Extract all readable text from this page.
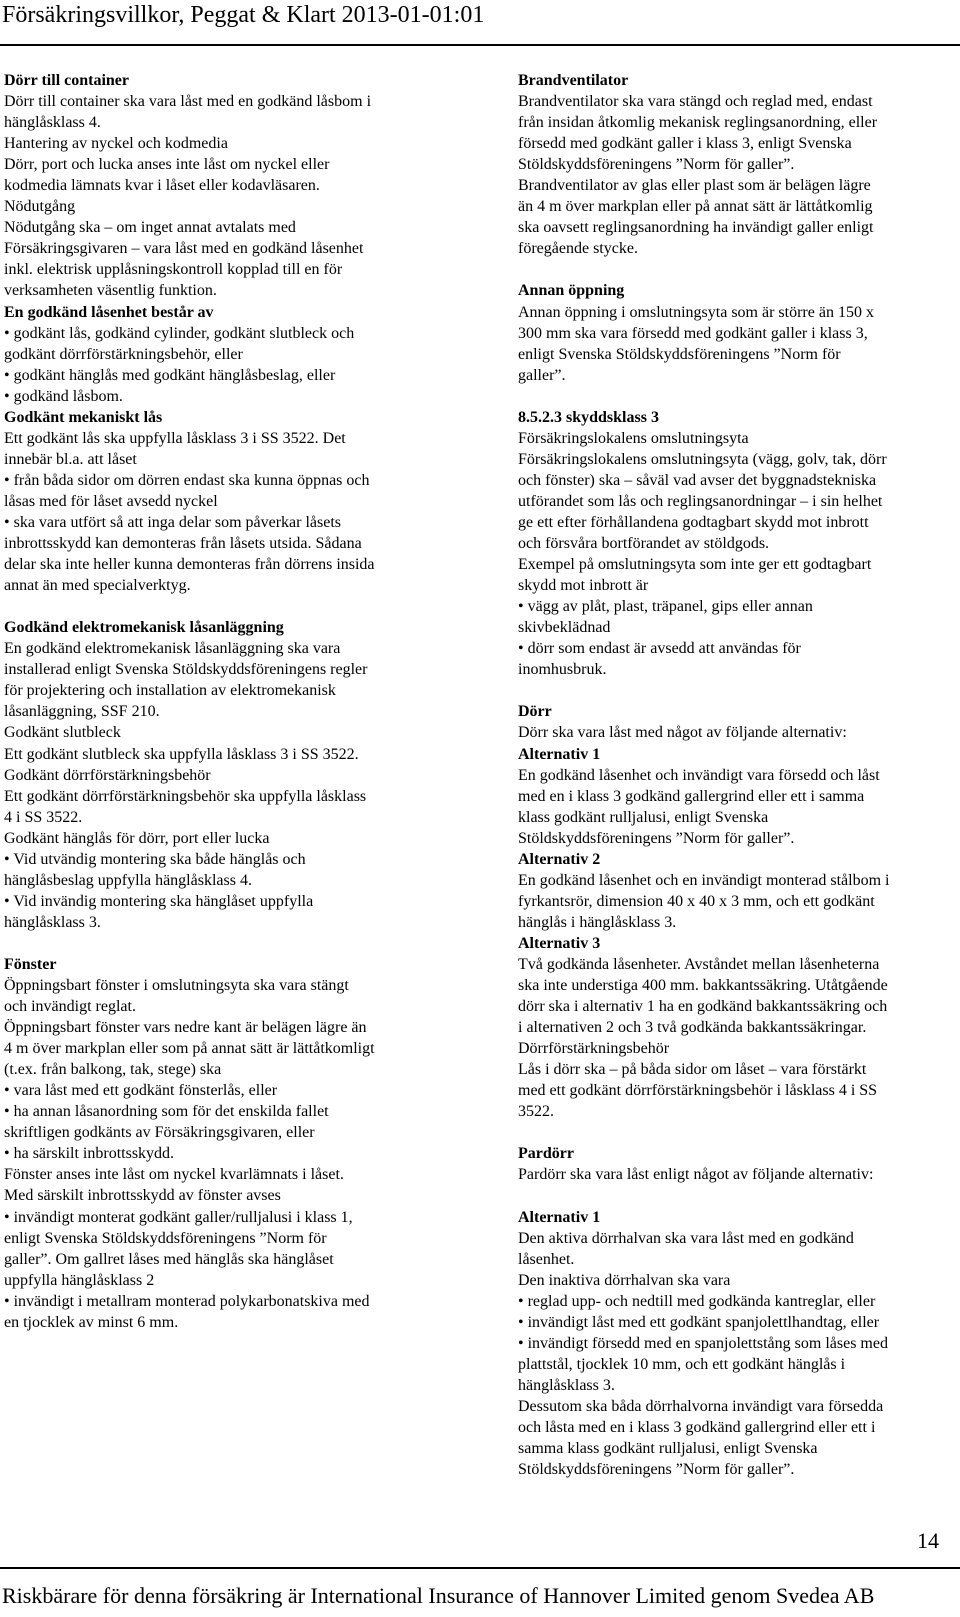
Försäkringsvillkor, Peggat & Klart 2013-01-01:01
Dörr till container
Dörr till container ska vara låst med en godkänd låsbom i
hänglåsklass 4.
Hantering av nyckel och kodmedia
Dörr, port och lucka anses inte låst om nyckel eller
kodmedia lämnats kvar i låset eller kodavläsaren.
Nödutgång
Nödutgång ska – om inget annat avtalats med
Försäkringsgivaren – vara låst med en godkänd låsenhet
inkl. elektrisk upplåsningskontroll kopplad till en för
verksamheten väsentlig funktion.
En godkänd låsenhet består av
• godkänt lås, godkänd cylinder, godkänt slutbleck och
godkänt dörrförstärkningsbehör, eller
• godkänt hänglås med godkänt hänglåsbeslag, eller
• godkänd låsbom.
Godkänt mekaniskt lås
Ett godkänt lås ska uppfylla låsklass 3 i SS 3522. Det
innebär bl.a. att låset
• från båda sidor om dörren endast ska kunna öppnas och
låsas med för låset avsedd nyckel
• ska vara utfört så att inga delar som påverkar låsets
inbrottsskydd kan demonteras från låsets utsida. Sådana
delar ska inte heller kunna demonteras från dörrens insida
annat än med specialverktyg.
Godkänd elektromekanisk låsanläggning
En godkänd elektromekanisk låsanläggning ska vara
installerad enligt Svenska Stöldskyddsföreningens regler
för projektering och installation av elektromekanisk
låsanläggning, SSF 210.
Godkänt slutbleck
Ett godkänt slutbleck ska uppfylla låsklass 3 i SS 3522.
Godkänt dörrförstärkningsbehör
Ett godkänt dörrförstärkningsbehör ska uppfylla låsklass
4 i SS 3522.
Godkänt hänglås för dörr, port eller lucka
• Vid utvändig montering ska både hänglås och
hänglåsbeslag uppfylla hänglåsklass 4.
• Vid invändig montering ska hänglåset uppfylla
hänglåsklass 3.
Fönster
Öppningsbart fönster i omslutningsyta ska vara stängt
och invändigt reglat.
Öppningsbart fönster vars nedre kant är belägen lägre än
4 m över markplan eller som på annat sätt är lättåtkomligt
(t.ex. från balkong, tak, stege) ska
• vara låst med ett godkänt fönsterlås, eller
• ha annan låsanordning som för det enskilda fallet
skriftligen godkänts av Försäkringsgivaren, eller
• ha särskilt inbrottsskydd.
Fönster anses inte låst om nyckel kvarlämnats i låset.
Med särskilt inbrottsskydd av fönster avses
• invändigt monterat godkänt galler/rulljalusi i klass 1,
enligt Svenska Stöldskyddsföreningens ”Norm för
galler”. Om gallret låses med hänglås ska hänglåset
uppfylla hänglåsklass 2
• invändigt i metallram monterad polykarbonatskiva med
en tjocklek av minst 6 mm.
Brandventilator
Brandventilator ska vara stängd och reglad med, endast
från insidan åtkomlig mekanisk reglingsanordning, eller
försedd med godkänt galler i klass 3, enligt Svenska
Stöldskyddsföreningens ”Norm för galler”.
Brandventilator av glas eller plast som är belägen lägre
än 4 m över markplan eller på annat sätt är lättåtkomlig
ska oavsett reglingsanordning ha invändigt galler enligt
föregående stycke.
Annan öppning
Annan öppning i omslutningsyta som är större än 150 x
300 mm ska vara försedd med godkänt galler i klass 3,
enligt Svenska Stöldskyddsföreningens ”Norm för
galler”.
8.5.2.3 skyddsklass 3
Försäkringslokalens omslutningsyta
Försäkringslokalens omslutningsyta (vägg, golv, tak, dörr
och fönster) ska – såväl vad avser det byggnadstekniska
utförandet som lås och reglingsanordningar – i sin helhet
ge ett efter förhållandena godtagbart skydd mot inbrott
och försvåra bortförandet av stöldgods.
Exempel på omslutningsyta som inte ger ett godtagbart
skydd mot inbrott är
• vägg av plåt, plast, träpanel, gips eller annan
skivbeklädnad
• dörr som endast är avsedd att användas för
inomhusbruk.
Dörr
Dörr ska vara låst med något av följande alternativ:
Alternativ 1
En godkänd låsenhet och invändigt vara försedd och låst
med en i klass 3 godkänd gallergrind eller ett i samma
klass godkänt rulljalusi, enligt Svenska
Stöldskyddsföreningens ”Norm för galler”.
Alternativ 2
En godkänd låsenhet och en invändigt monterad stålbom i
fyrkantsrör, dimension 40 x 40 x 3 mm, och ett godkänt
hänglås i hänglåsklass 3.
Alternativ 3
Två godkända låsenheter. Avståndet mellan låsenheterna
ska inte understiga 400 mm. bakkantssäkring. Utåtgående
dörr ska i alternativ 1 ha en godkänd bakkantssäkring och
i alternativen 2 och 3 två godkända bakkantssäkringar.
Dörrförstärkningsbehör
Lås i dörr ska – på båda sidor om låset – vara förstärkt
med ett godkänt dörrförstärkningsbehör i låsklass 4 i SS
3522.
Pardörr
Pardörr ska vara låst enligt något av följande alternativ:
Alternativ 1
Den aktiva dörrhalvan ska vara låst med en godkänd
låsenhet.
Den inaktiva dörrhalvan ska vara
• reglad upp- och nedtill med godkända kantreglar, eller
• invändigt låst med ett godkänt spanjolettlhandtag, eller
• invändigt försedd med en spanjolettstång som låses med
plattstål, tjocklek 10 mm, och ett godkänt hänglås i
hänglåsklass 3.
Dessutom ska båda dörrhalvorna invändigt vara försedda
och låsta med en i klass 3 godkänd gallergrind eller ett i
samma klass godkänt rulljalusi, enligt Svenska
Stöldskyddsföreningens ”Norm för galler”.
14
Riskbärare för denna försäkring är International Insurance of Hannover Limited genom Svedea AB
